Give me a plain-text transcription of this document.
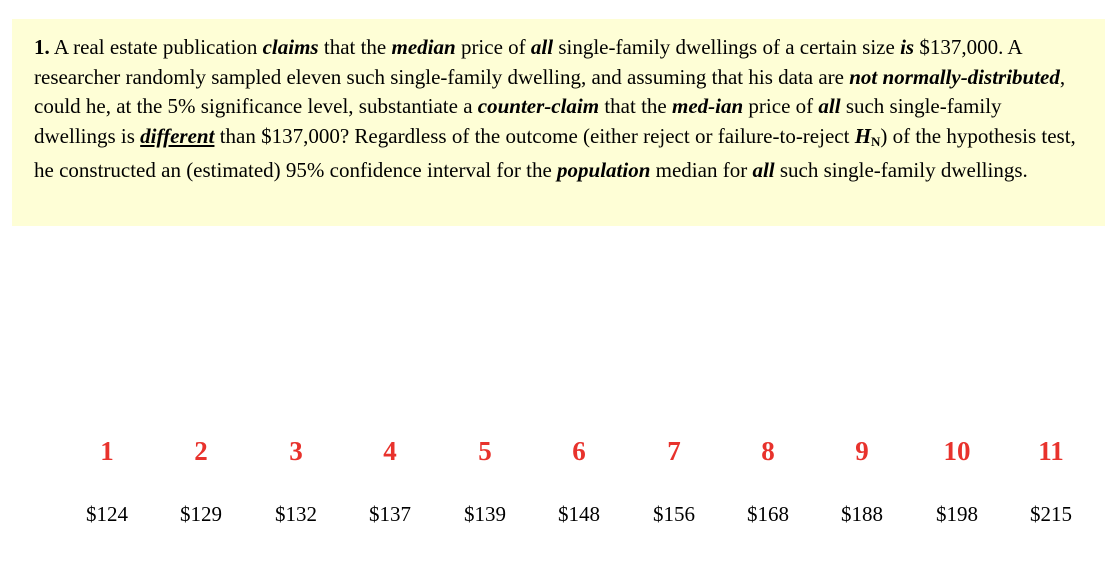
1. A real estate publication claims that the median price of all single-family dwellings of a certain size is $137,000. A researcher randomly sampled eleven such single-family dwelling, and assuming that his data are not normally-distributed, could he, at the 5% significance level, substantiate a counter-claim that the med-ian price of all such single-family dwellings is different than $137,000? Regardless of the outcome (either reject or failure-to-reject $H_N$) of the hypothesis test, he constructed an (estimated) 95% confidence interval for the population median for all such single-family dwellings.

1	2	3	4	5	6	7	8	9	10	11
$124	$129	$132	$137	$139	$148	$156	$168	$188	$198	$215
